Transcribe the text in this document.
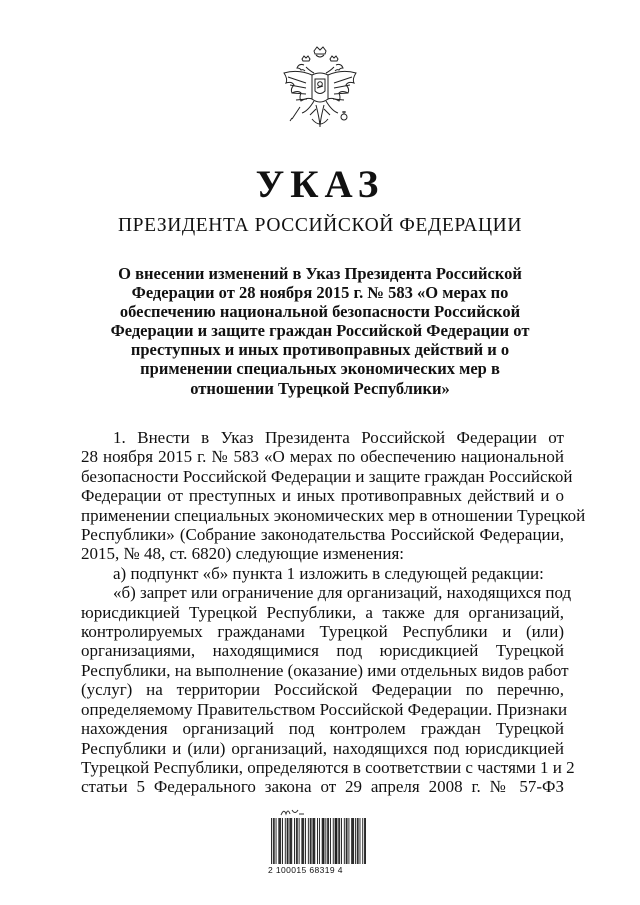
УКАЗ
ПРЕЗИДЕНТА РОССИЙСКОЙ ФЕДЕРАЦИИ
О внесении изменений в Указ Президента Российской
Федерации от 28 ноября 2015 г. № 583 «О мерах по
обеспечению национальной безопасности Российской
Федерации и защите граждан Российской Федерации от
преступных и иных противоправных действий и о
применении специальных экономических мер в
отношении Турецкой Республики»
1. Внести в Указ Президента Российской Федерации от
28 ноября 2015 г. № 583 «О мерах по обеспечению национальной
безопасности Российской Федерации и защите граждан Российской
Федерации от преступных и иных противоправных действий и о
применении специальных экономических мер в отношении Турецкой
Республики» (Собрание законодательства Российской Федерации,
2015, № 48, ст. 6820) следующие изменения:
а) подпункт «б» пункта 1 изложить в следующей редакции:
«б) запрет или ограничение для организаций, находящихся под
юрисдикцией Турецкой Республики, а также для организаций,
контролируемых гражданами Турецкой Республики и (или)
организациями, находящимися под юрисдикцией Турецкой
Республики, на выполнение (оказание) ими отдельных видов работ
(услуг) на территории Российской Федерации по перечню,
определяемому Правительством Российской Федерации. Признаки
нахождения организаций под контролем граждан Турецкой
Республики и (или) организаций, находящихся под юрисдикцией
Турецкой Республики, определяются в соответствии с частями 1 и 2
статьи 5 Федерального закона от 29 апреля 2008 г. № 57-ФЗ
2 100015 68319 4
